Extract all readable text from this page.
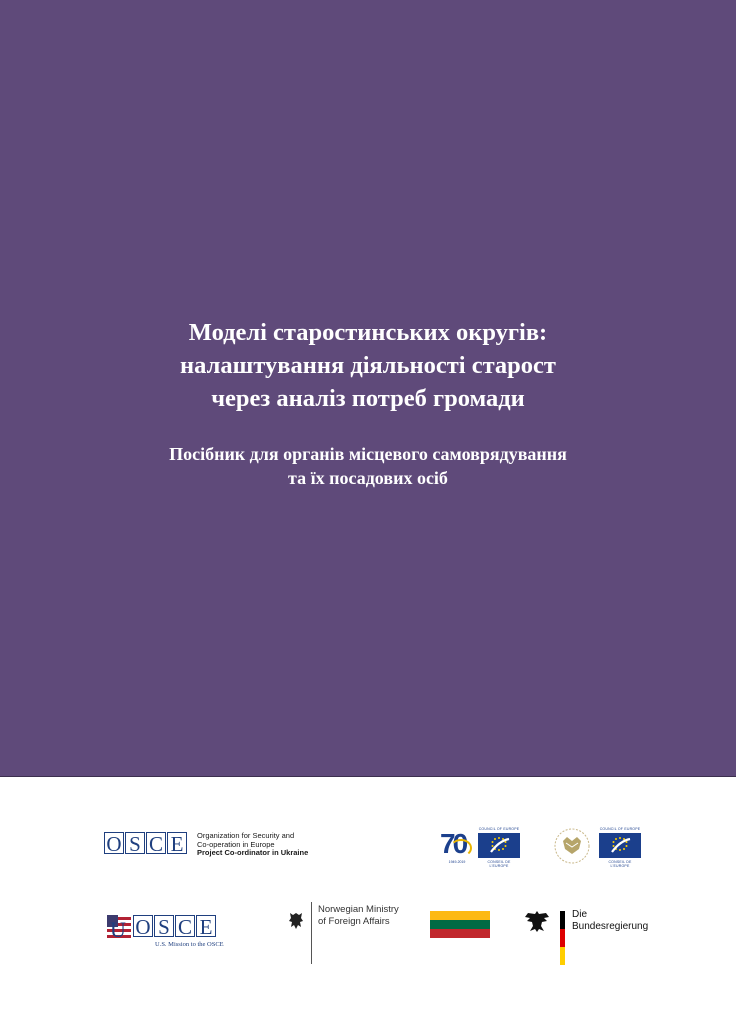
Моделі старостинських округів:
налаштування діяльності старост
через аналіз потреб громади
Посібник для органів місцевого самоврядування
та їх посадових осіб
O S C E	Organization for Security and
Co-operation in Europe
Project Co-ordinator in Ukraine	70
1949-2019
COUNCIL OF EUROPE
CONSEIL DE L'EUROPE
COUNCIL OF EUROPE
CONSEIL DE L'EUROPE
U O S C E
U.S. Mission to the OSCE
Norwegian Ministry
of Foreign Affairs
Die
Bundesregierung
